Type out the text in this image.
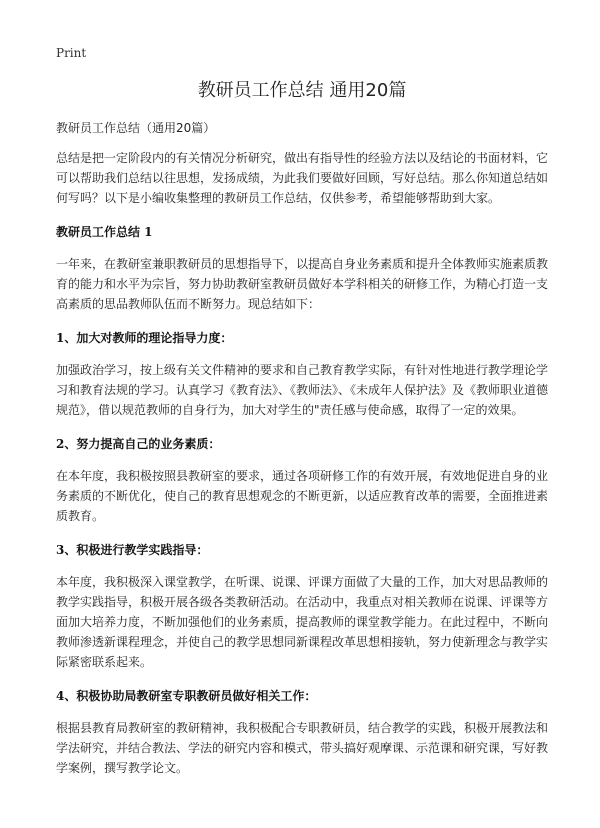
Print
教研员工作总结 通用20篇
教研员工作总结（通用20篇）

总结是把一定阶段内的有关情况分析研究，做出有指导性的经验方法以及结论的书面材料，它可以帮助我们总结以往思想，发扬成绩，为此我们要做好回顾，写好总结。那么你知道总结如何写吗？以下是小编收集整理的教研员工作总结，仅供参考，希望能够帮助到大家。

教研员工作总结 1

一年来，在教研室兼职教研员的思想指导下，以提高自身业务素质和提升全体教师实施素质教育的能力和水平为宗旨，努力协助教研室教研员做好本学科相关的研修工作，为精心打造一支高素质的思品教师队伍而不断努力。现总结如下：

1、加大对教师的理论指导力度：

加强政治学习，按上级有关文件精神的要求和自己教育教学实际，有针对性地进行教学理论学习和教育法规的学习。认真学习《教育法》、《教师法》、《未成年人保护法》及《教师职业道德规范》，借以规范教师的自身行为，加大对学生的"责任感与使命感，取得了一定的效果。

2、努力提高自己的业务素质：

在本年度，我积极按照县教研室的要求，通过各项研修工作的有效开展，有效地促进自身的业务素质的不断优化，使自己的教育思想观念的不断更新，以适应教育改革的需要，全面推进素质教育。

3、积极进行教学实践指导：

本年度，我积极深入课堂教学，在听课、说课、评课方面做了大量的工作，加大对思品教师的教学实践指导，积极开展各级各类教研活动。在活动中，我重点对相关教师在说课、评课等方面加大培养力度，不断加强他们的业务素质，提高教师的课堂教学能力。在此过程中，不断向教师渗透新课程理念，并使自己的教学思想同新课程改革思想相接轨，努力使新理念与教学实际紧密联系起来。

4、积极协助局教研室专职教研员做好相关工作：

根据县教育局教研室的教研精神，我积极配合专职教研员，结合教学的实践，积极开展教法和学法研究，并结合教法、学法的研究内容和模式，带头搞好观摩课、示范课和研究课，写好教学案例，撰写教学论文。
